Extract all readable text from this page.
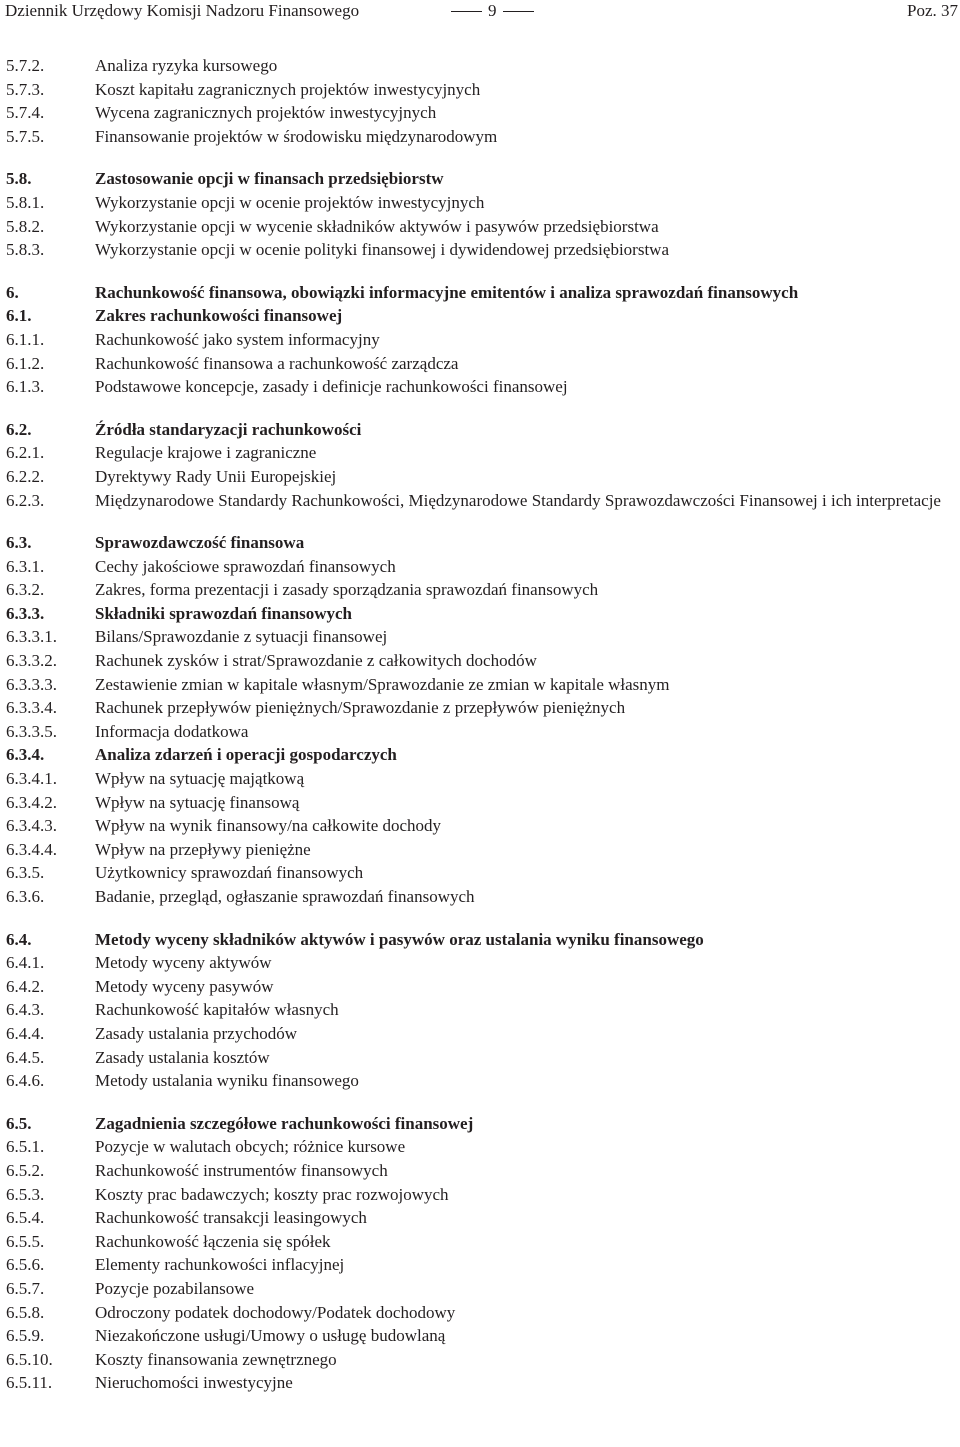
Dziennik Urzędowy Komisji Nadzoru Finansowego	9	Poz. 37
5.7.2.	Analiza ryzyka kursowego
5.7.3.	Koszt kapitału zagranicznych projektów inwestycyjnych
5.7.4.	Wycena zagranicznych projektów inwestycyjnych
5.7.5.	Finansowanie projektów w środowisku międzynarodowym
5.8.	Zastosowanie opcji w finansach przedsiębiorstw
5.8.1.	Wykorzystanie opcji w ocenie projektów inwestycyjnych
5.8.2.	Wykorzystanie opcji w wycenie składników aktywów i pasywów przedsiębiorstwa
5.8.3.	Wykorzystanie opcji w ocenie polityki finansowej i dywidendowej przedsiębiorstwa
6.	Rachunkowość finansowa, obowiązki informacyjne emitentów i analiza sprawozdań finansowych
6.1.	Zakres rachunkowości finansowej
6.1.1.	Rachunkowość jako system informacyjny
6.1.2.	Rachunkowość finansowa a rachunkowość zarządcza
6.1.3.	Podstawowe koncepcje, zasady i definicje rachunkowości finansowej
6.2.	Źródła standaryzacji rachunkowości
6.2.1.	Regulacje krajowe i zagraniczne
6.2.2.	Dyrektywy Rady Unii Europejskiej
6.2.3.	Międzynarodowe Standardy Rachunkowości, Międzynarodowe Standardy Sprawozdawczości Finansowej i ich interpretacje
6.3.	Sprawozdawczość finansowa
6.3.1.	Cechy jakościowe sprawozdań finansowych
6.3.2.	Zakres, forma prezentacji i zasady sporządzania sprawozdań finansowych
6.3.3.	Składniki sprawozdań finansowych
6.3.3.1.	Bilans/Sprawozdanie z sytuacji finansowej
6.3.3.2.	Rachunek zysków i strat/Sprawozdanie z całkowitych dochodów
6.3.3.3.	Zestawienie zmian w kapitale własnym/Sprawozdanie ze zmian w kapitale własnym
6.3.3.4.	Rachunek przepływów pieniężnych/Sprawozdanie z przepływów pieniężnych
6.3.3.5.	Informacja dodatkowa
6.3.4.	Analiza zdarzeń i operacji gospodarczych
6.3.4.1.	Wpływ na sytuację majątkową
6.3.4.2.	Wpływ na sytuację finansową
6.3.4.3.	Wpływ na wynik finansowy/na całkowite dochody
6.3.4.4.	Wpływ na przepływy pieniężne
6.3.5.	Użytkownicy sprawozdań finansowych
6.3.6.	Badanie, przegląd, ogłaszanie sprawozdań finansowych
6.4.	Metody wyceny składników aktywów i pasywów oraz ustalania wyniku finansowego
6.4.1.	Metody wyceny aktywów
6.4.2.	Metody wyceny pasywów
6.4.3.	Rachunkowość kapitałów własnych
6.4.4.	Zasady ustalania przychodów
6.4.5.	Zasady ustalania kosztów
6.4.6.	Metody ustalania wyniku finansowego
6.5.	Zagadnienia szczegółowe rachunkowości finansowej
6.5.1.	Pozycje w walutach obcych; różnice kursowe
6.5.2.	Rachunkowość instrumentów finansowych
6.5.3.	Koszty prac badawczych; koszty prac rozwojowych
6.5.4.	Rachunkowość transakcji leasingowych
6.5.5.	Rachunkowość łączenia się spółek
6.5.6.	Elementy rachunkowości inflacyjnej
6.5.7.	Pozycje pozabilansowe
6.5.8.	Odroczony podatek dochodowy/Podatek dochodowy
6.5.9.	Niezakończone usługi/Umowy o usługę budowlaną
6.5.10.	Koszty finansowania zewnętrznego
6.5.11.	Nieruchomości inwestycyjne
